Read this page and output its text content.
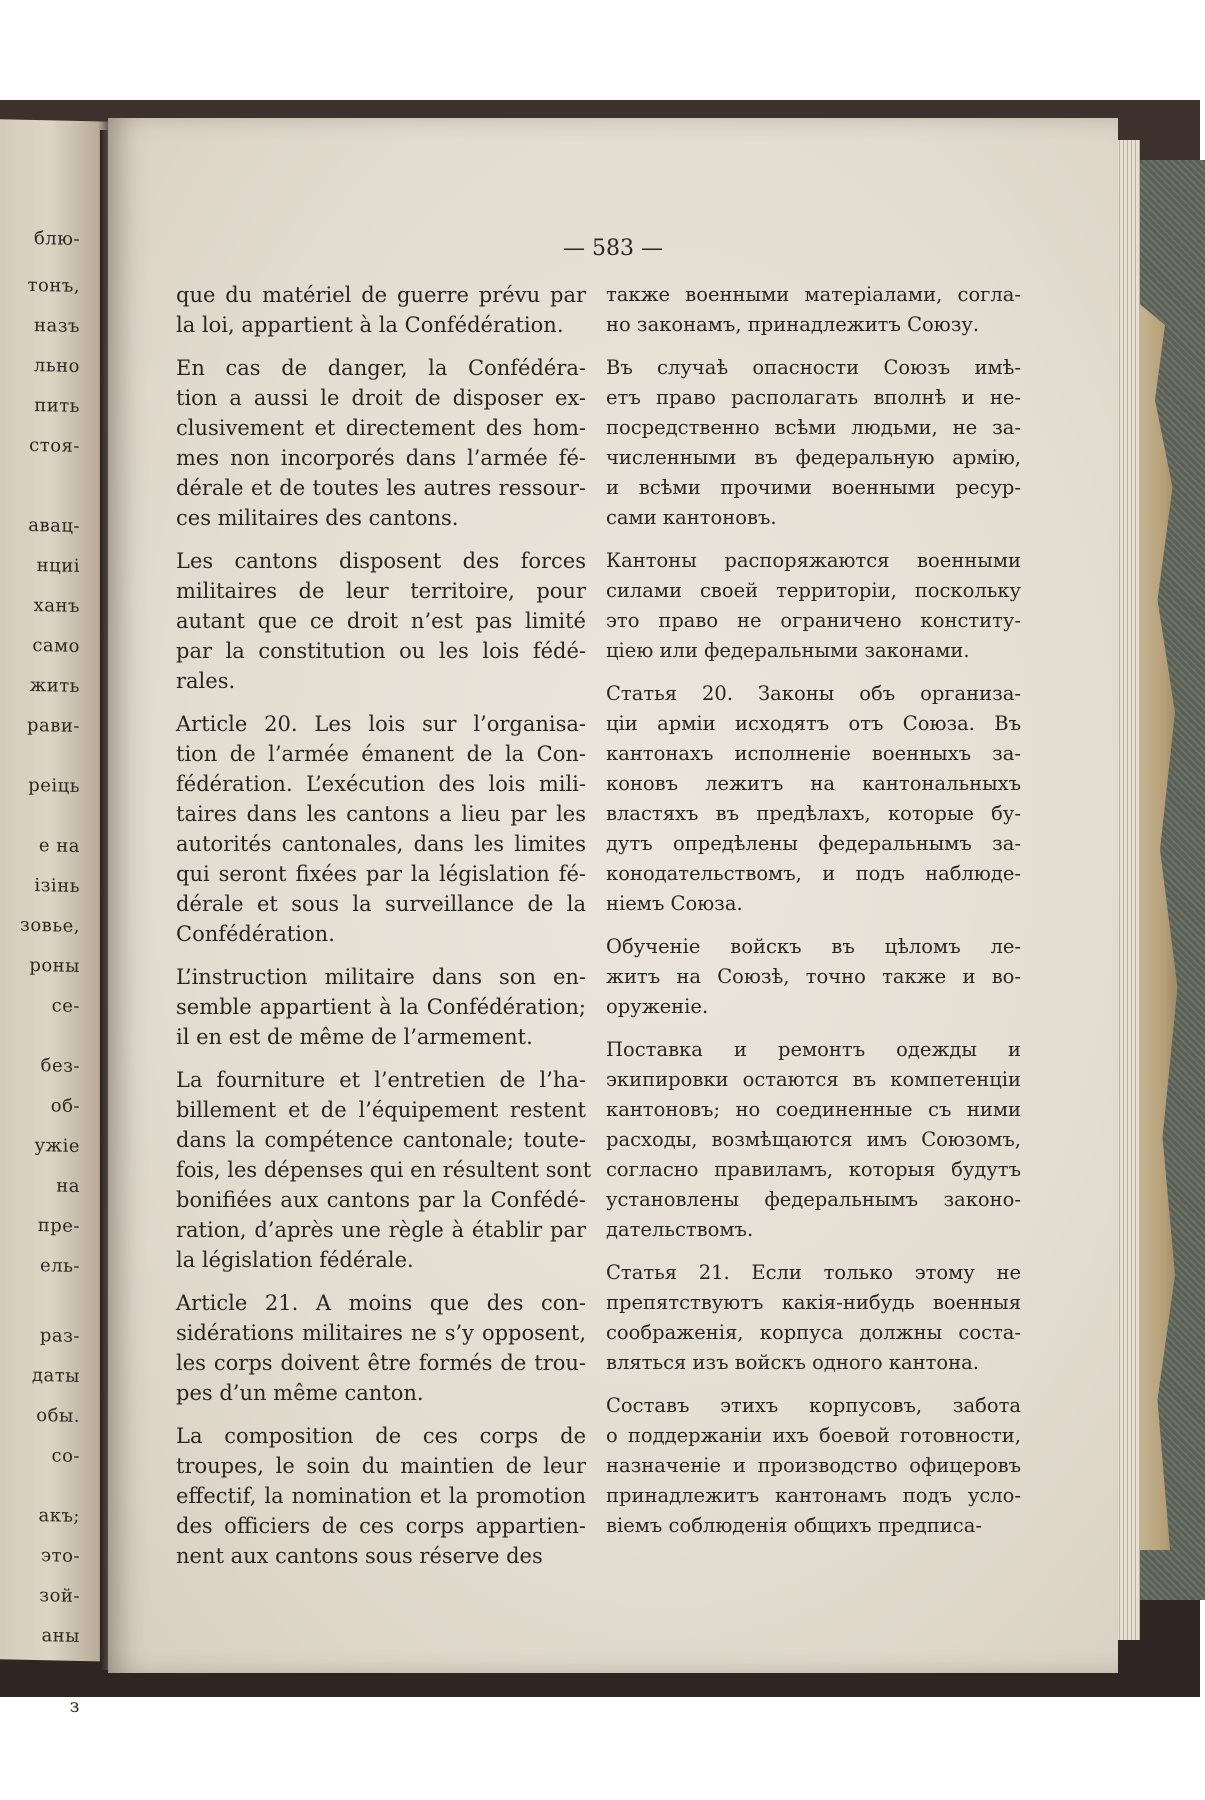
блю-
тонъ,
назъ
льно
пить
стоя-
авац-
нциі
ханъ
само
жить
рави-
реіць
е на
ізінь
зовье,
роны
се-
без-
об-
ужіе
на
пре-
ель-
раз-
даты
обы.
со-
акъ;
это-
зой-
аны
з
— 583 —

que du matériel de guerre prévu par
la loi, appartient à la Confédération.

En cas de danger, la Confédéra-
tion a aussi le droit de disposer ex-
clusivement et directement des hom-
mes non incorporés dans l’armée fé-
dérale et de toutes les autres ressour-
ces militaires des cantons.

Les cantons disposent des forces
militaires de leur territoire, pour
autant que ce droit n’est pas limité
par la constitution ou les lois fédé-
rales.

Article 20. Les lois sur l’organisa-
tion de l’armée émanent de la Con-
fédération. L’exécution des lois mili-
taires dans les cantons a lieu par les
autorités cantonales, dans les limites
qui seront fixées par la législation fé-
dérale et sous la surveillance de la
Confédération.

L’instruction militaire dans son en-
semble appartient à la Confédération;
il en est de même de l’armement.

La fourniture et l’entretien de l’ha-
billement et de l’équipement restent
dans la compétence cantonale; toute-
fois, les dépenses qui en résultent sont
bonifiées aux cantons par la Confédé-
ration, d’après une règle à établir par
la législation fédérale.

Article 21. A moins que des con-
sidérations militaires ne s’y opposent,
les corps doivent être formés de trou-
pes d’un même canton.

La composition de ces corps de
troupes, le soin du maintien de leur
effectif, la nomination et la promotion
des officiers de ces corps appartien-
nent aux cantons sous réserve des

также военными матеріалами, согла-
но законамъ, принадлежитъ Союзу.

Въ случаѣ опасности Союзъ имѣ-
етъ право располагать вполнѣ и не-
посредственно всѣми людьми, не за-
численными въ федеральную армію,
и всѣми прочими военными ресур-
сами кантоновъ.

Кантоны распоряжаются военными
силами своей территоріи, поскольку
это право не ограничено конститу-
ціею или федеральными законами.

Статья 20. Законы объ организа-
ціи арміи исходятъ отъ Союза. Въ
кантонахъ исполненіе военныхъ за-
коновъ лежитъ на кантональныхъ
властяхъ въ предѣлахъ, которые бу-
дутъ опредѣлены федеральнымъ за-
конодательствомъ, и подъ наблюде-
ніемъ Союза.

Обученіе войскъ въ цѣломъ ле-
житъ на Союзѣ, точно также и во-
оруженіе.

Поставка и ремонтъ одежды и
экипировки остаются въ компетенціи
кантоновъ; но соединенные съ ними
расходы, возмѣщаются имъ Союзомъ,
согласно правиламъ, которыя будутъ
установлены федеральнымъ законо-
дательствомъ.

Статья 21. Если только этому не
препятствуютъ какія-нибудь военныя
соображенія, корпуса должны соста-
вляться изъ войскъ одного кантона.

Составъ этихъ корпусовъ, забота
о поддержаніи ихъ боевой готовности,
назначеніе и производство офицеровъ
принадлежитъ кантонамъ подъ усло-
віемъ соблюденія общихъ предписа-
